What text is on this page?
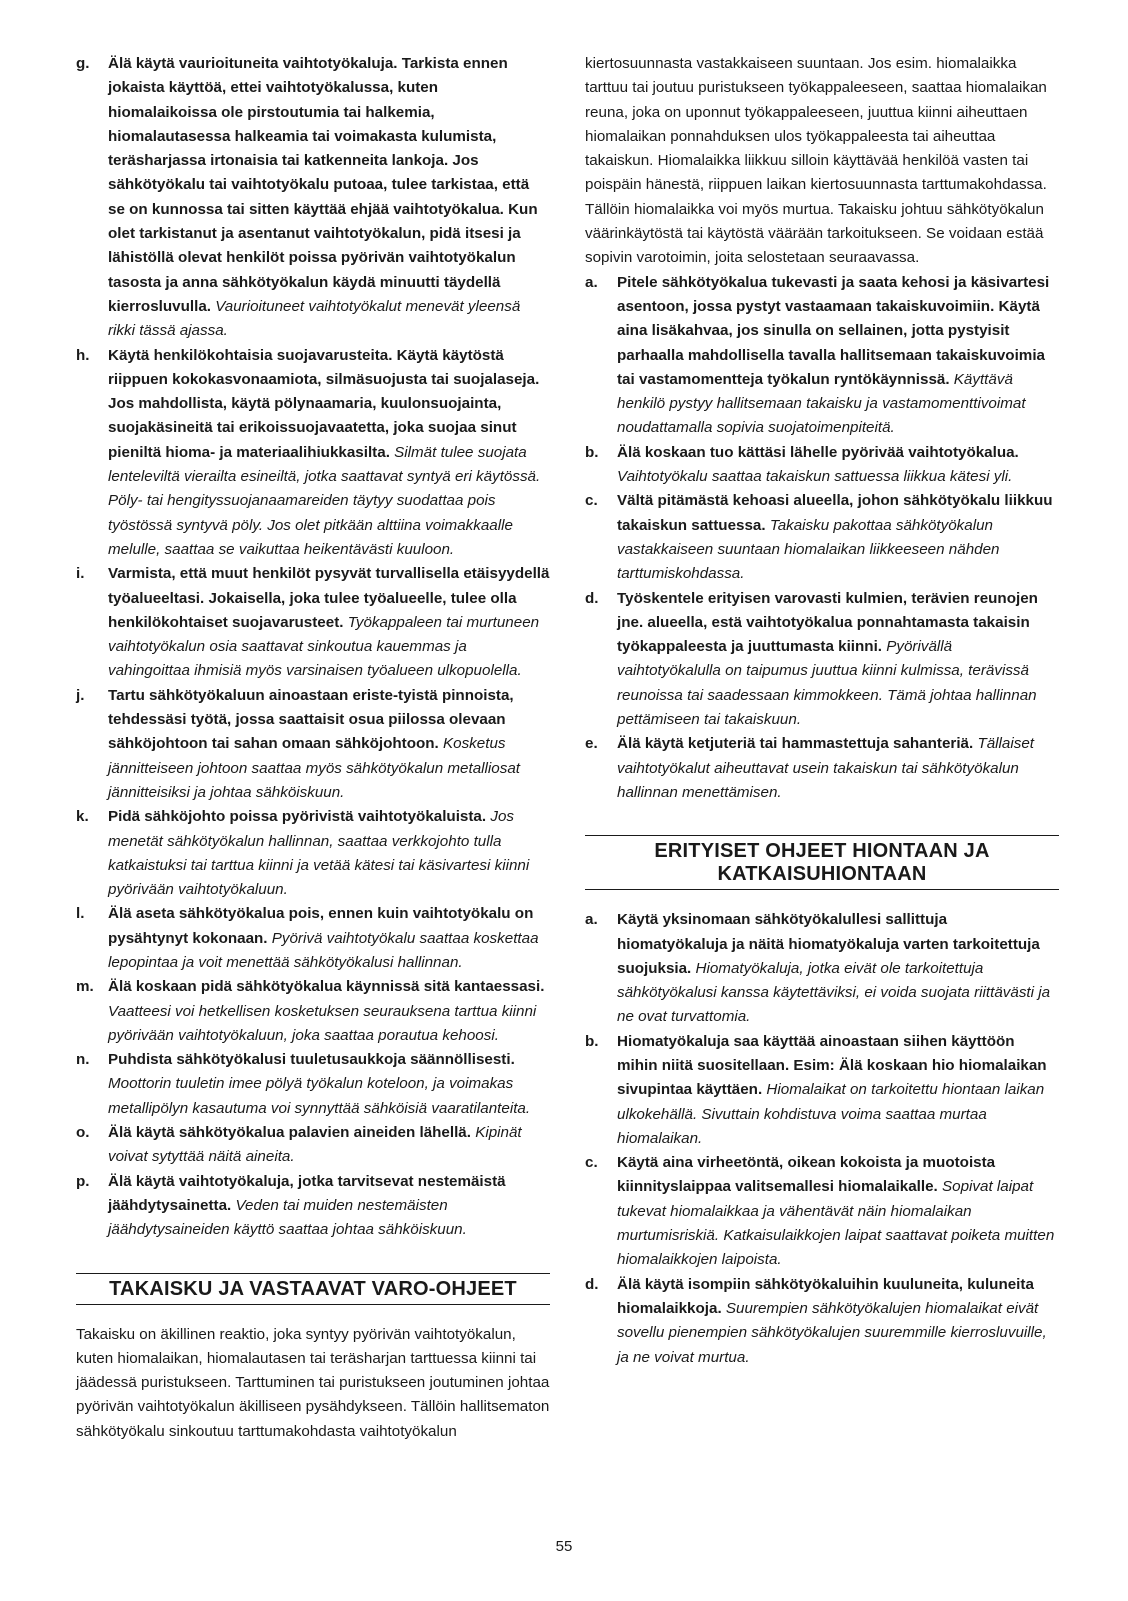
g.	Älä käytä vaurioituneita vaihtotyökaluja. Tarkista ennen jokaista käyttöä, ettei vaihtotyökalussa, kuten hiomalaikoissa ole pirstoutumia tai halkemia, hiomalautasessa halkeamia tai voimakasta kulumista, teräsharjassa irtonaisia tai katkenneita lankoja. Jos sähkötyökalu tai vaihtotyökalu putoaa, tulee tarkistaa, että se on kunnossa tai sitten käyttää ehjää vaihtotyökalua. Kun olet tarkistanut ja asentanut vaihtotyökalun, pidä itsesi ja lähistöllä olevat henkilöt poissa pyörivän vaihtotyökalun tasosta ja anna sähkötyökalun käydä minuutti täydellä kierrosluvulla. Vaurioituneet vaihtotyökalut menevät yleensä rikki tässä ajassa.
h.	Käytä henkilökohtaisia suojavarusteita. Käytä käytöstä riippuen kokokasvonaamiota, silmäsuojusta tai suojalaseja. Jos mahdollista, käytä pölynaamaria, kuulonsuojainta, suojakäsineitä tai erikoissuojavaatetta, joka suojaa sinut pieniltä hioma- ja materiaalihiukkasilta. Silmät tulee suojata lenteleviltä vierailta esineiltä, jotka saattavat syntyä eri käytössä. Pöly- tai hengityssuojanaamareiden täytyy suodattaa pois työstössä syntyvä pöly. Jos olet pitkään alttiina voimakkaalle melulle, saattaa se vaikuttaa heikentävästi kuuloon.
i.	Varmista, että muut henkilöt pysyvät turvallisella etäisyydellä työalueeltasi. Jokaisella, joka tulee työalueelle, tulee olla henkilökohtaiset suojavarusteet. Työkappaleen tai murtuneen vaihtotyökalun osia saattavat sinkoutua kauemmas ja vahingoittaa ihmisiä myös varsinaisen työalueen ulkopuolella.
j.	Tartu sähkötyökaluun ainoastaan eriste-tyistä pinnoista, tehdessäsi työtä, jossa saattaisit osua piilossa olevaan sähköjohtoon tai sahan omaan sähköjohtoon. Kosketus jännitteiseen johtoon saattaa myös sähkötyökalun metalliosat jännitteisiksi ja johtaa sähköiskuun.
k.	Pidä sähköjohto poissa pyörivistä vaihtotyökaluista. Jos menetät sähkötyökalun hallinnan, saattaa verkkojohto tulla katkaistuksi tai tarttua kiinni ja vetää kätesi tai käsivartesi kiinni pyörivään vaihtotyökaluun.
l.	Älä aseta sähkötyökalua pois, ennen kuin vaihtotyökalu on pysähtynyt kokonaan. Pyörivä vaihtotyökalu saattaa koskettaa lepopintaa ja voit menettää sähkötyökalusi hallinnan.
m. Älä koskaan pidä sähkötyökalua käynnissä sitä kantaessasi. Vaatteesi voi hetkellisen kosketuksen seurauksena tarttua kiinni pyörivään vaihtotyökaluun, joka saattaa porautua kehoosi.
n.	Puhdista sähkötyökalusi tuuletusaukkoja säännöllisesti. Moottorin tuuletin imee pölyä työkalun koteloon, ja voimakas metallipölyn kasautuma voi synnyttää sähköisiä vaaratilanteita.
o.	Älä käytä sähkötyökalua palavien aineiden lähellä. Kipinät voivat sytyttää näitä aineita.
p.	Älä käytä vaihtotyökaluja, jotka tarvitsevat nestemäistä jäähdytysainetta. Veden tai muiden nestemäisten jäähdytysaineiden käyttö saattaa johtaa sähköiskuun.
TAKAISKU JA VASTAAVAT VARO-OHJEET

Takaisku on äkillinen reaktio, joka syntyy pyörivän vaihtotyökalun, kuten hiomalaikan, hiomalautasen tai teräsharjan tarttuessa kiinni tai jäädessä puristukseen. Tarttuminen tai puristukseen joutuminen johtaa pyörivän vaihtotyökalun äkilliseen pysähdykseen. Tällöin hallitsematon sähkötyökalu sinkoutuu tarttumakohdasta vaihtotyökalun

kiertosuunnasta vastakkaiseen suuntaan. Jos esim. hiomalaikka tarttuu tai joutuu puristukseen työkappaleeseen, saattaa hiomalaikan reuna, joka on uponnut työkappaleeseen, juuttua kiinni aiheuttaen hiomalaikan ponnahduksen ulos työkappaleesta tai aiheuttaa takaiskun. Hiomalaikka liikkuu silloin käyttävää henkilöä vasten tai poispäin hänestä, riippuen laikan kiertosuunnasta tarttumakohdassa. Tällöin hiomalaikka voi myös murtua. Takaisku johtuu sähkötyökalun väärinkäytöstä tai käytöstä väärään tarkoitukseen. Se voidaan estää sopivin varotoimin, joita selostetaan seuraavassa.

a.	Pitele sähkötyökalua tukevasti ja saata kehosi ja käsivartesi asentoon, jossa pystyt vastaamaan takaiskuvoimiin. Käytä aina lisäkahvaa, jos sinulla on sellainen, jotta pystyisit parhaalla mahdollisella tavalla hallitsemaan takaiskuvoimia tai vastamomentteja työkalun ryntökäynnissä. Käyttävä henkilö pystyy hallitsemaan takaisku ja vastamomenttivoimat noudattamalla sopivia suojatoimenpiteitä.
b.	Älä koskaan tuo kättäsi lähelle pyörivää vaihtotyökalua. Vaihtotyökalu saattaa takaiskun sattuessa liikkua kätesi yli.
c.	Vältä pitämästä kehoasi alueella, johon sähkötyökalu liikkuu takaiskun sattuessa. Takaisku pakottaa sähkötyökalun vastakkaiseen suuntaan hiomalaikan liikkeeseen nähden tarttumiskohdassa.
d.	Työskentele erityisen varovasti kulmien, terävien reunojen jne. alueella, estä vaihtotyökalua ponnahtamasta takaisin työkappaleesta ja juuttumasta kiinni. Pyörivällä vaihtotyökalulla on taipumus juuttua kiinni kulmissa, terävissä reunoissa tai saadessaan kimmokkeen. Tämä johtaa hallinnan pettämiseen tai takaiskuun.
e.	Älä käytä ketjuteriä tai hammastettuja sahanteriä. Tällaiset vaihtotyökalut aiheuttavat usein takaiskun tai sähkötyökalun hallinnan menettämisen.
ERITYISET OHJEET HIONTAAN JA
KATKAISUHIONTAAN
a.	Käytä yksinomaan sähkötyökalullesi sallittuja hiomatyökaluja ja näitä hiomatyökaluja varten tarkoitettuja suojuksia. Hiomatyökaluja, jotka eivät ole tarkoitettuja sähkötyökalusi kanssa käytettäviksi, ei voida suojata riittävästi ja ne ovat turvattomia.
b.	Hiomatyökaluja saa käyttää ainoastaan siihen käyttöön mihin niitä suositellaan. Esim: Älä koskaan hio hiomalaikan sivupintaa käyttäen. Hiomalaikat on tarkoitettu hiontaan laikan ulkokehällä. Sivuttain kohdistuva voima saattaa murtaa hiomalaikan.
c.	Käytä aina virheetöntä, oikean kokoista ja muotoista kiinnityslaippaa valitsemallesi hiomalaikalle. Sopivat laipat tukevat hiomalaikkaa ja vähentävät näin hiomalaikan murtumisriskiä. Katkaisulaikkojen laipat saattavat poiketa muitten hiomalaikkojen laipoista.
d.	Älä käytä isompiin sähkötyökaluihin kuuluneita, kuluneita hiomalaikkoja. Suurempien sähkötyökalujen hiomalaikat eivät sovellu pienempien sähkötyökalujen suuremmille kierrosluvuille, ja ne voivat murtua.
55
